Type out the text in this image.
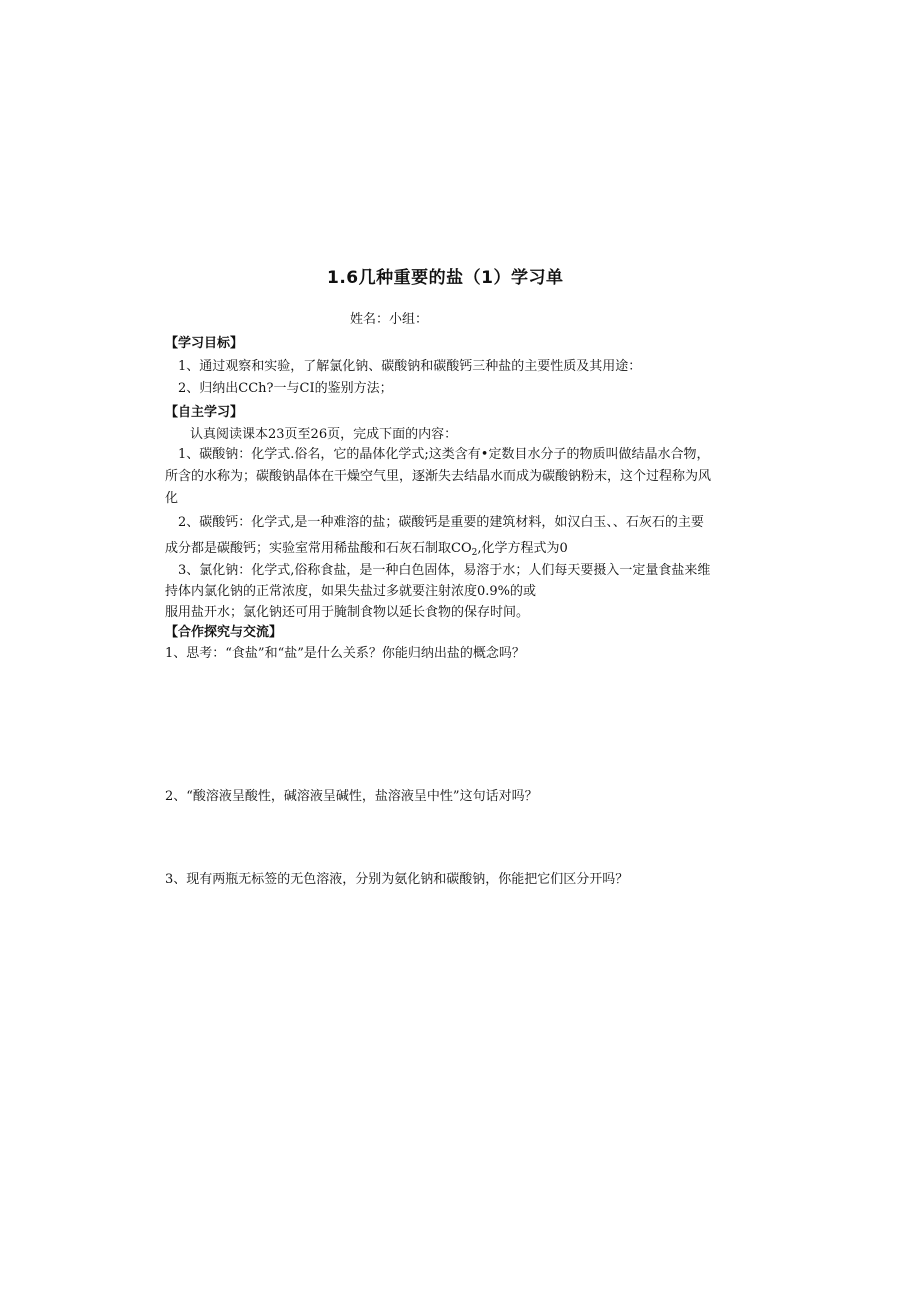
1.6几种重要的盐（1）学习单
姓名：小组：
【学习目标】
1、通过观察和实验，了解氯化钠、碳酸钠和碳酸钙三种盐的主要性质及其用途：
2、归纳出CCh?一与CI的鉴别方法；
【自主学习】
认真阅读课本23页至26页，完成下面的内容：
1、碳酸钠：化学式.俗名，它的晶体化学式;这类含有•定数目水分子的物质叫做结晶水合物，
所含的水称为；碳酸钠晶体在干燥空气里，逐渐失去结晶水而成为碳酸钠粉末，这个过程称为风
化
2、碳酸钙：化学式,是一种难溶的盐；碳酸钙是重要的建筑材料，如汉白玉、、石灰石的主要
成分都是碳酸钙；实验室常用稀盐酸和石灰石制取$CO_2$,化学方程式为0
3、氯化钠：化学式,俗称食盐，是一种白色固体，易溶于水；人们每天要摄入一定量食盐来维
持体内氯化钠的正常浓度，如果失盐过多就要注射浓度0.9%的或
服用盐开水；氯化钠还可用于腌制食物以延长食物的保存时间。
【合作探究与交流】
1、思考：“食盐”和“盐”是什么关系？你能归纳出盐的概念吗？
2、“酸溶液呈酸性，碱溶液呈碱性，盐溶液呈中性”这句话对吗？
3、现有两瓶无标签的无色溶液，分别为氨化钠和碳酸钠，你能把它们区分开吗？
